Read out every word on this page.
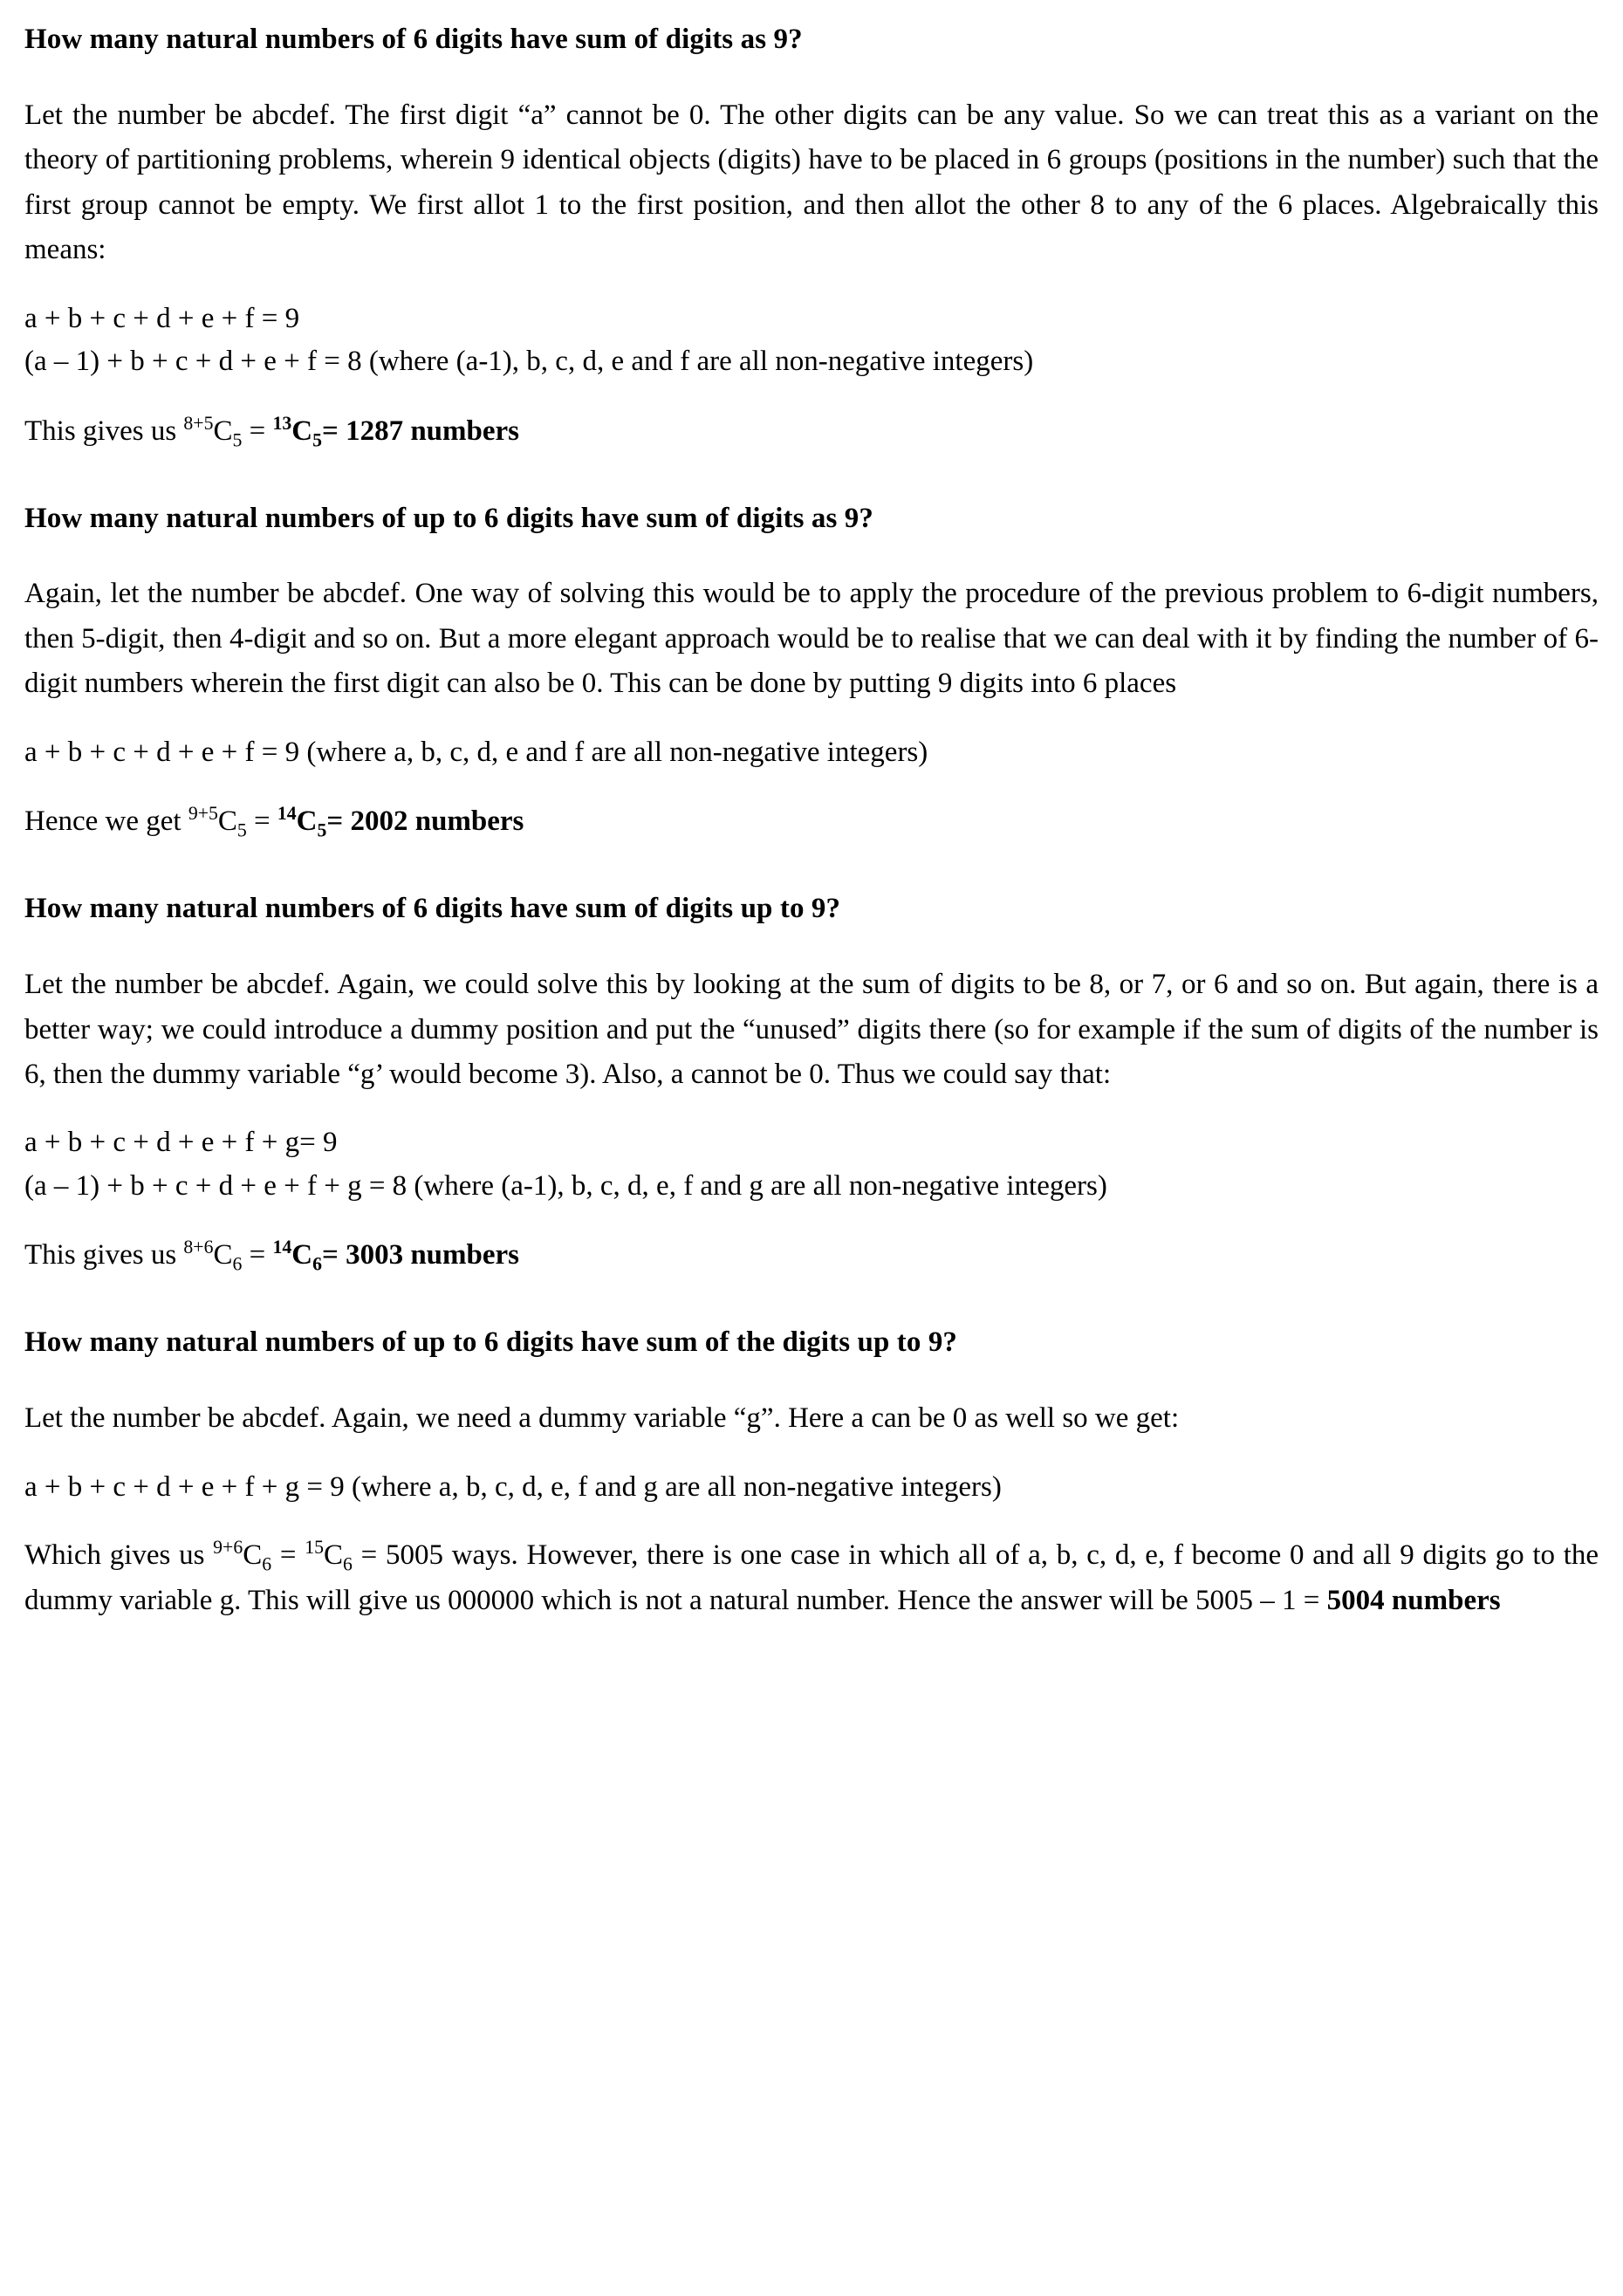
How many natural numbers of 6 digits have sum of digits as 9?

Let the number be abcdef. The first digit “a” cannot be 0. The other digits can be any value. So we can treat this as a variant on the theory of partitioning problems, wherein 9 identical objects (digits) have to be placed in 6 groups (positions in the number) such that the first group cannot be empty. We first allot 1 to the first position, and then allot the other 8 to any of the 6 places. Algebraically this means:

a + b + c + d + e + f = 9

(a – 1) + b + c + d + e + f = 8 (where (a-1), b, c, d, e and f are all non-negative integers)

This gives us $^{8+5}C_5 = ^{13}C_5= 1287$ numbers

How many natural numbers of up to 6 digits have sum of digits as 9?

Again, let the number be abcdef. One way of solving this would be to apply the procedure of the previous problem to 6-digit numbers, then 5-digit, then 4-digit and so on. But a more elegant approach would be to realise that we can deal with it by finding the number of 6-digit numbers wherein the first digit can also be 0. This can be done by putting 9 digits into 6 places

a + b + c + d + e + f = 9 (where a, b, c, d, e and f are all non-negative integers)

Hence we get $^{9+5}C_5 = ^{14}C_5= 2002$ numbers

How many natural numbers of 6 digits have sum of digits up to 9?

Let the number be abcdef. Again, we could solve this by looking at the sum of digits to be 8, or 7, or 6 and so on. But again, there is a better way; we could introduce a dummy position and put the “unused” digits there (so for example if the sum of digits of the number is 6, then the dummy variable “g’ would become 3). Also, a cannot be 0. Thus we could say that:

a + b + c + d + e + f + g= 9

(a – 1) + b + c + d + e + f + g = 8 (where (a-1), b, c, d, e, f and g are all non-negative integers)

This gives us $^{8+6}C_6 = ^{14}C_6= 3003$ numbers

How many natural numbers of up to 6 digits have sum of the digits up to 9?

Let the number be abcdef. Again, we need a dummy variable “g”. Here a can be 0 as well so we get:

a + b + c + d + e + f + g = 9 (where a, b, c, d, e, f and g are all non-negative integers)

Which gives us $^{9+6}C_6 = ^{15}C_6 = 5005$ ways. However, there is one case in which all of a, b, c, d, e, f become 0 and all 9 digits go to the dummy variable g. This will give us 000000 which is not a natural number. Hence the answer will be 5005 – 1 = 5004 numbers
